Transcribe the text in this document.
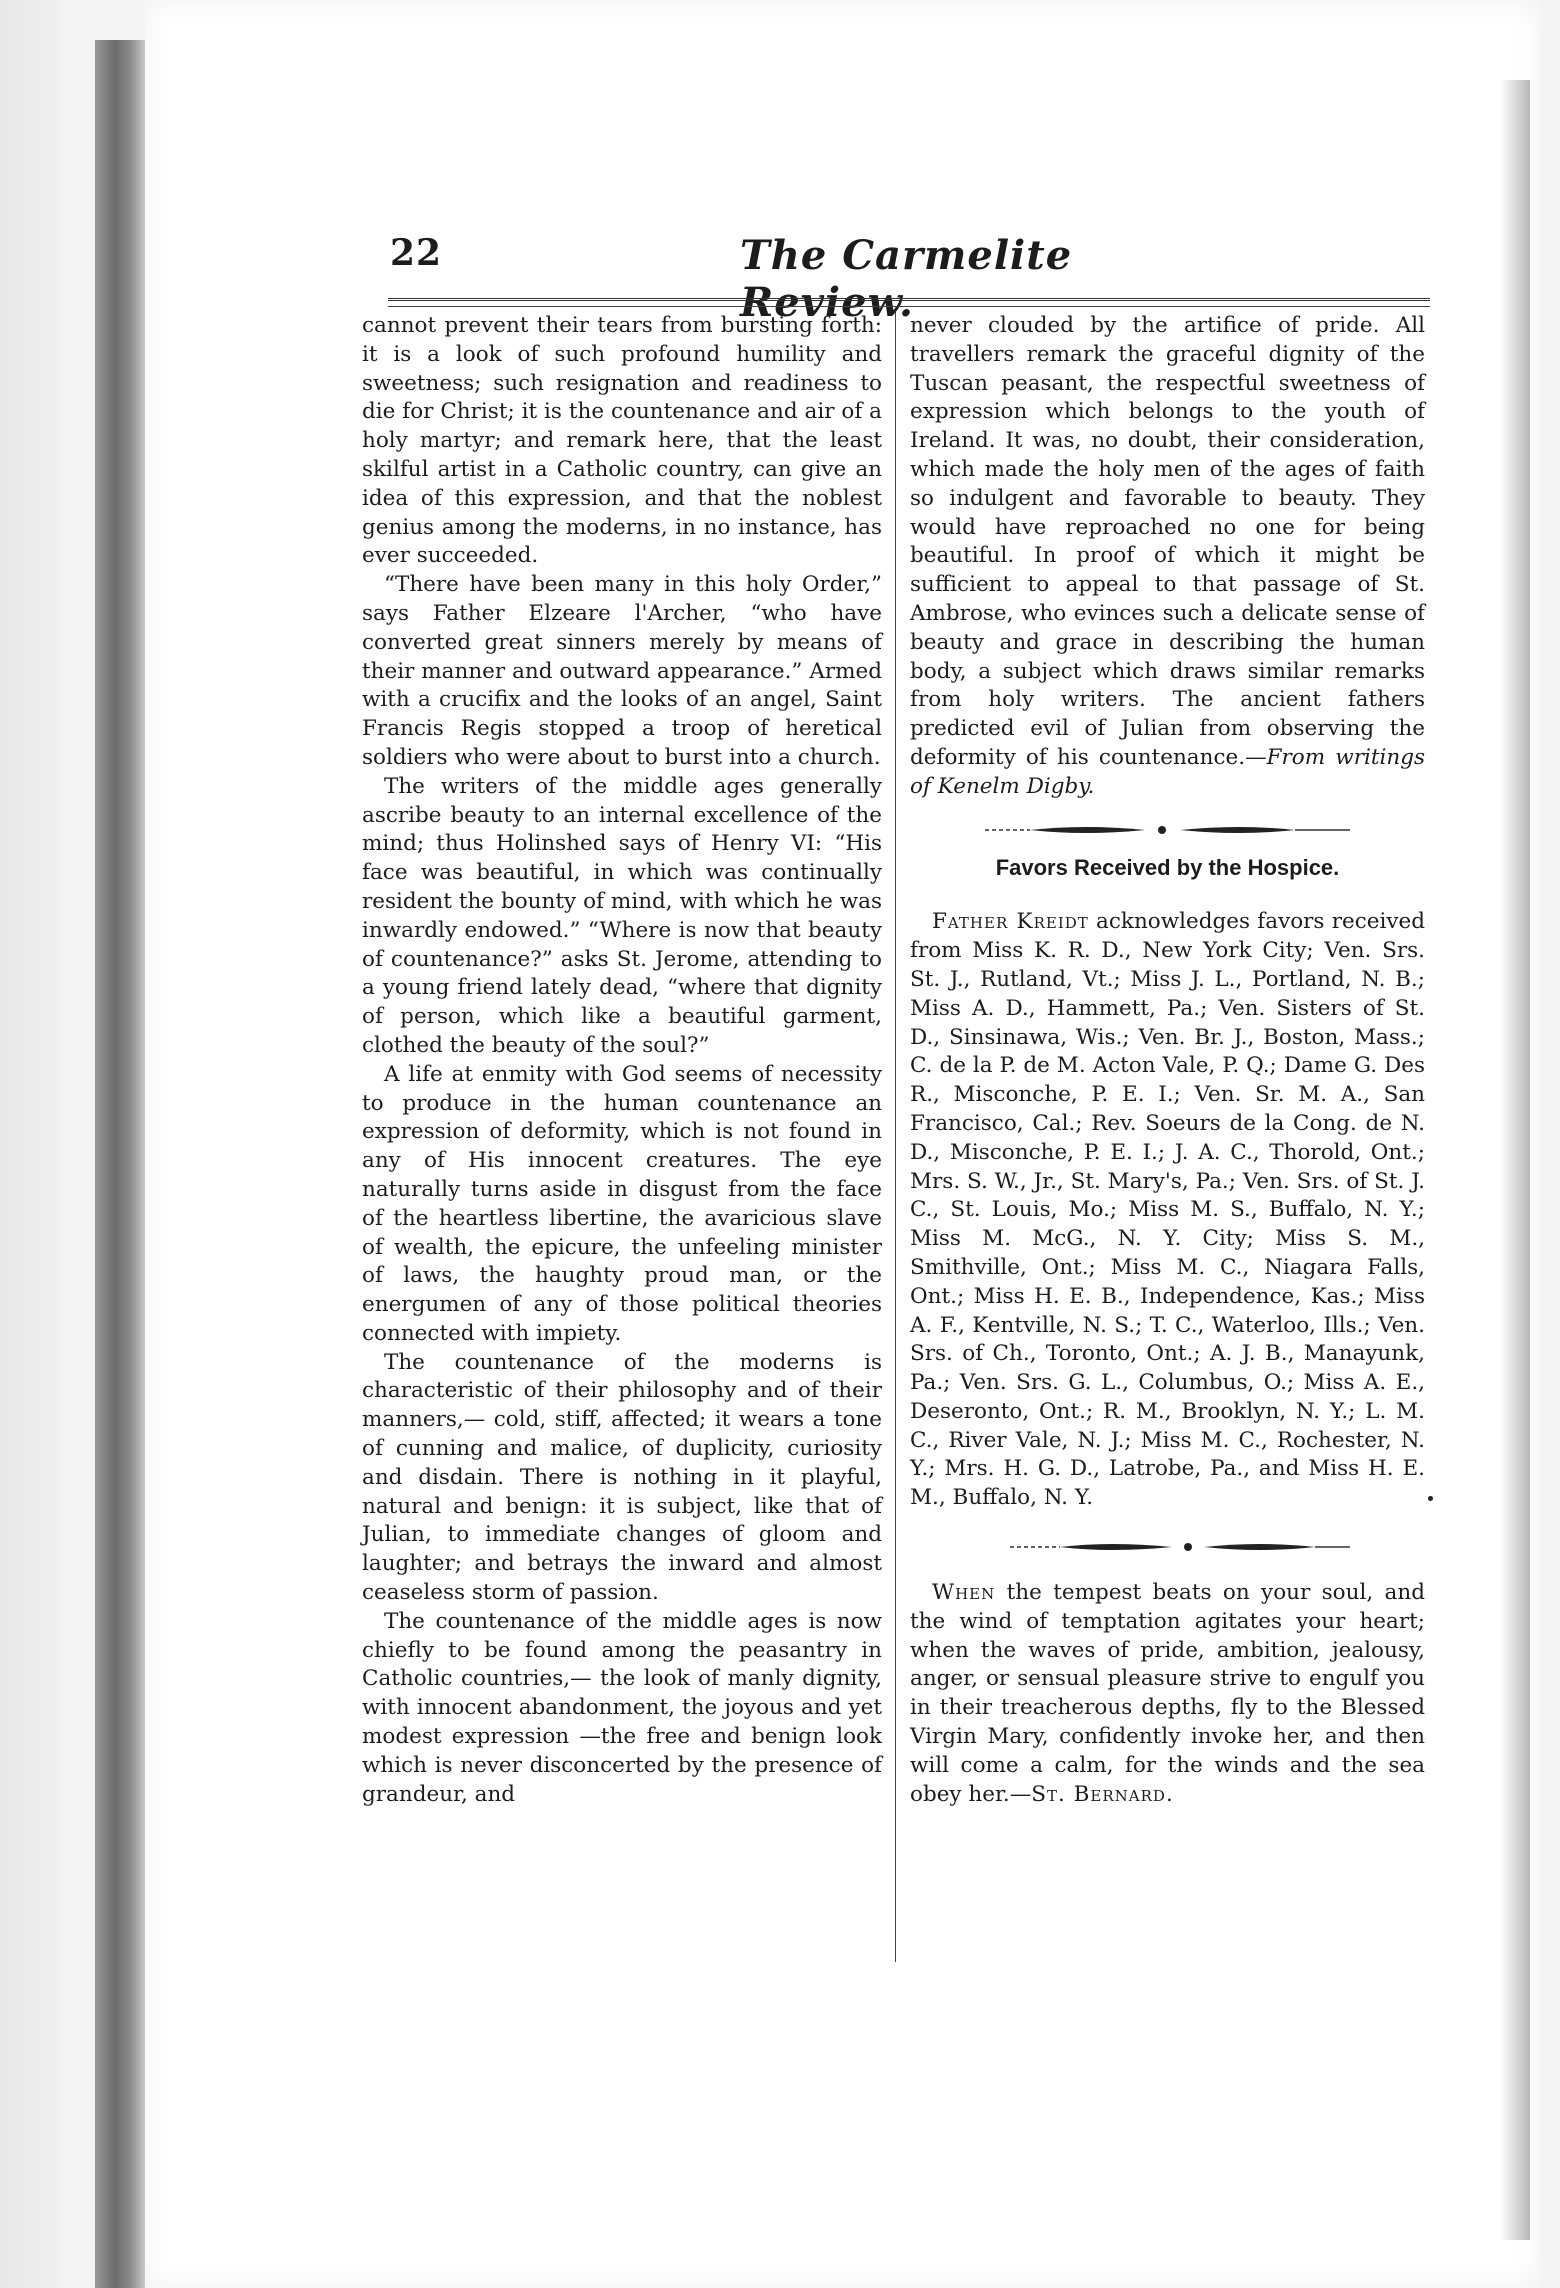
22	The Carmelite Review.

cannot prevent their tears from bursting forth: it is a look of such profound humility and sweetness; such resignation and readiness to die for Christ; it is the countenance and air of a holy martyr; and remark here, that the least skilful artist in a Catholic country, can give an idea of this expression, and that the noblest genius among the moderns, in no instance, has ever succeeded.

“There have been many in this holy Order,” says Father Elzeare l'Archer, “who have converted great sinners merely by means of their manner and outward appearance.” Armed with a crucifix and the looks of an angel, Saint Francis Regis stopped a troop of heretical soldiers who were about to burst into a church.

The writers of the middle ages generally ascribe beauty to an internal excellence of the mind; thus Holinshed says of Henry VI: “His face was beautiful, in which was continually resident the bounty of mind, with which he was inwardly endowed.” “Where is now that beauty of countenance?” asks St. Jerome, attending to a young friend lately dead, “where that dignity of person, which like a beautiful garment, clothed the beauty of the soul?”

A life at enmity with God seems of necessity to produce in the human countenance an expression of deformity, which is not found in any of His innocent creatures. The eye naturally turns aside in disgust from the face of the heartless libertine, the avaricious slave of wealth, the epicure, the unfeeling minister of laws, the haughty proud man, or the energumen of any of those political theories connected with impiety.

The countenance of the moderns is characteristic of their philosophy and of their manners,— cold, stiff, affected; it wears a tone of cunning and malice, of duplicity, curiosity and disdain. There is nothing in it playful, natural and benign: it is subject, like that of Julian, to immediate changes of gloom and laughter; and betrays the inward and almost ceaseless storm of passion.

The countenance of the middle ages is now chiefly to be found among the peasantry in Catholic countries,— the look of manly dignity, with innocent abandonment, the joyous and yet modest expression —the free and benign look which is never disconcerted by the presence of grandeur, and

never clouded by the artifice of pride. All travellers remark the graceful dignity of the Tuscan peasant, the respectful sweetness of expression which belongs to the youth of Ireland. It was, no doubt, their consideration, which made the holy men of the ages of faith so indulgent and favorable to beauty. They would have reproached no one for being beautiful. In proof of which it might be sufficient to appeal to that passage of St. Ambrose, who evinces such a delicate sense of beauty and grace in describing the human body, a subject which draws similar remarks from holy writers. The ancient fathers predicted evil of Julian from observing the deformity of his countenance.—From writings of Kenelm Digby.

Favors Received by the Hospice.

Father Kreidt acknowledges favors received from Miss K. R. D., New York City; Ven. Srs. St. J., Rutland, Vt.; Miss J. L., Portland, N. B.; Miss A. D., Hammett, Pa.; Ven. Sisters of St. D., Sinsinawa, Wis.; Ven. Br. J., Boston, Mass.; C. de la P. de M. Acton Vale, P. Q.; Dame G. Des R., Misconche, P. E. I.; Ven. Sr. M. A., San Francisco, Cal.; Rev. Soeurs de la Cong. de N. D., Misconche, P. E. I.; J. A. C., Thorold, Ont.; Mrs. S. W., Jr., St. Mary's, Pa.; Ven. Srs. of St. J. C., St. Louis, Mo.; Miss M. S., Buffalo, N. Y.; Miss M. McG., N. Y. City; Miss S. M., Smithville, Ont.; Miss M. C., Niagara Falls, Ont.; Miss H. E. B., Independence, Kas.; Miss A. F., Kentville, N. S.; T. C., Waterloo, Ills.; Ven. Srs. of Ch., Toronto, Ont.; A. J. B., Manayunk, Pa.; Ven. Srs. G. L., Columbus, O.; Miss A. E., Deseronto, Ont.; R. M., Brooklyn, N. Y.; L. M. C., River Vale, N. J.; Miss M. C., Rochester, N. Y.; Mrs. H. G. D., Latrobe, Pa., and Miss H. E. M., Buffalo, N. Y.

When the tempest beats on your soul, and the wind of temptation agitates your heart; when the waves of pride, ambition, jealousy, anger, or sensual pleasure strive to engulf you in their treacherous depths, fly to the Blessed Virgin Mary, confidently invoke her, and then will come a calm, for the winds and the sea obey her.—St. Bernard.
